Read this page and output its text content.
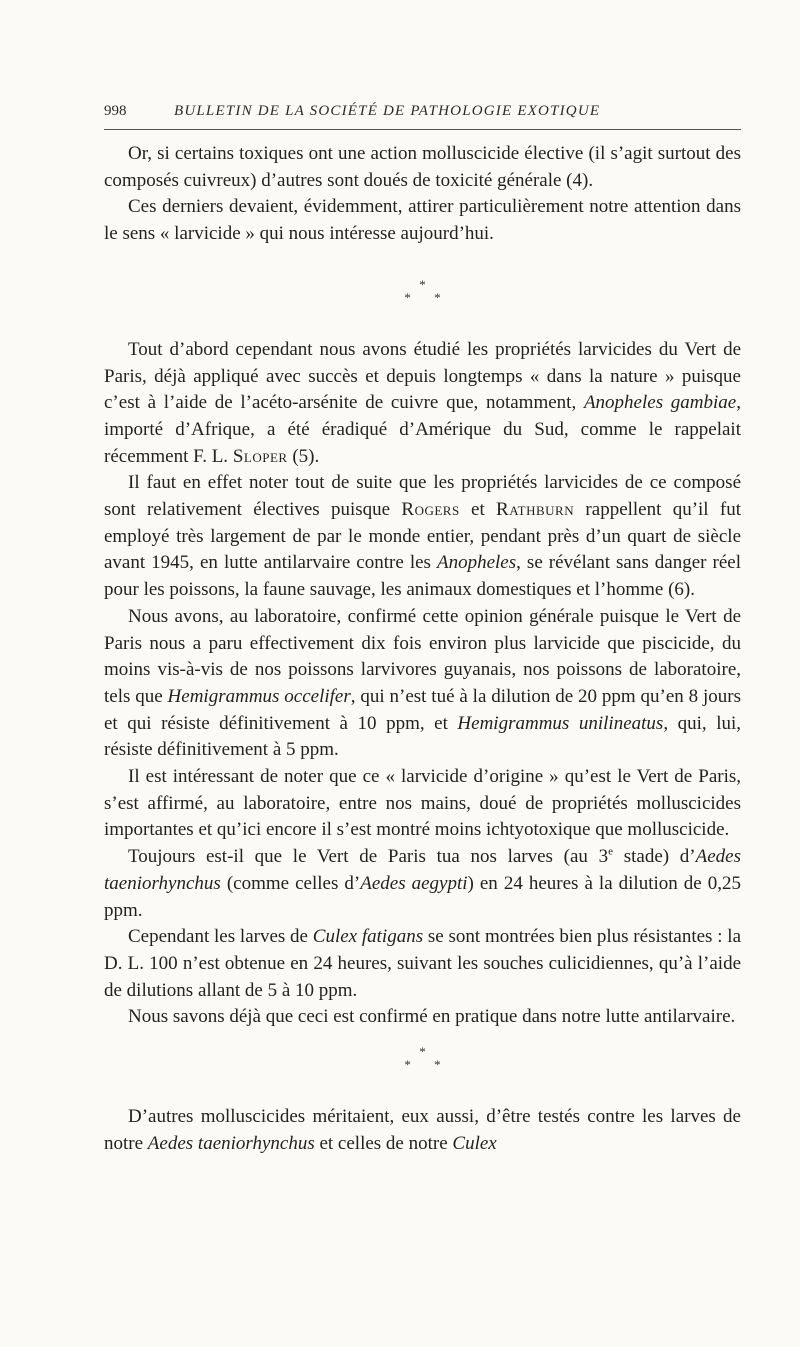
998	BULLETIN DE LA SOCIÉTÉ DE PATHOLOGIE EXOTIQUE

Or, si certains toxiques ont une action molluscicide élective (il s’agit surtout des composés cuivreux) d’autres sont doués de toxicité générale (4).

Ces derniers devaient, évidemment, attirer particulièrement notre attention dans le sens « larvicide » qui nous intéresse aujourd’hui.

*
* *

Tout d’abord cependant nous avons étudié les propriétés larvicides du Vert de Paris, déjà appliqué avec succès et depuis longtemps « dans la nature » puisque c’est à l’aide de l’acéto-arsénite de cuivre que, notamment, Anopheles gambiae, importé d’Afrique, a été éradiqué d’Amérique du Sud, comme le rappelait récemment F. L. Sloper (5).

Il faut en effet noter tout de suite que les propriétés larvicides de ce composé sont relativement électives puisque Rogers et Rathburn rappellent qu’il fut employé très largement de par le monde entier, pendant près d’un quart de siècle avant 1945, en lutte antilarvaire contre les Anopheles, se révélant sans danger réel pour les poissons, la faune sauvage, les animaux domestiques et l’homme (6).

Nous avons, au laboratoire, confirmé cette opinion générale puisque le Vert de Paris nous a paru effectivement dix fois environ plus larvicide que piscicide, du moins vis-à-vis de nos poissons larvivores guyanais, nos poissons de laboratoire, tels que Hemigrammus occelifer, qui n’est tué à la dilution de 20 ppm qu’en 8 jours et qui résiste définitivement à 10 ppm, et Hemigrammus unilineatus, qui, lui, résiste définitivement à 5 ppm.

Il est intéressant de noter que ce « larvicide d’origine » qu’est le Vert de Paris, s’est affirmé, au laboratoire, entre nos mains, doué de propriétés molluscicides importantes et qu’ici encore il s’est montré moins ichtyotoxique que molluscicide.

Toujours est-il que le Vert de Paris tua nos larves (au 3e stade) d’Aedes taeniorhynchus (comme celles d’Aedes aegypti) en 24 heures à la dilution de 0,25 ppm.

Cependant les larves de Culex fatigans se sont montrées bien plus résistantes : la D. L. 100 n’est obtenue en 24 heures, suivant les souches culicidiennes, qu’à l’aide de dilutions allant de 5 à 10 ppm.

Nous savons déjà que ceci est confirmé en pratique dans notre lutte antilarvaire.

*
* *

D’autres molluscicides méritaient, eux aussi, d’être testés contre les larves de notre Aedes taeniorhynchus et celles de notre Culex
